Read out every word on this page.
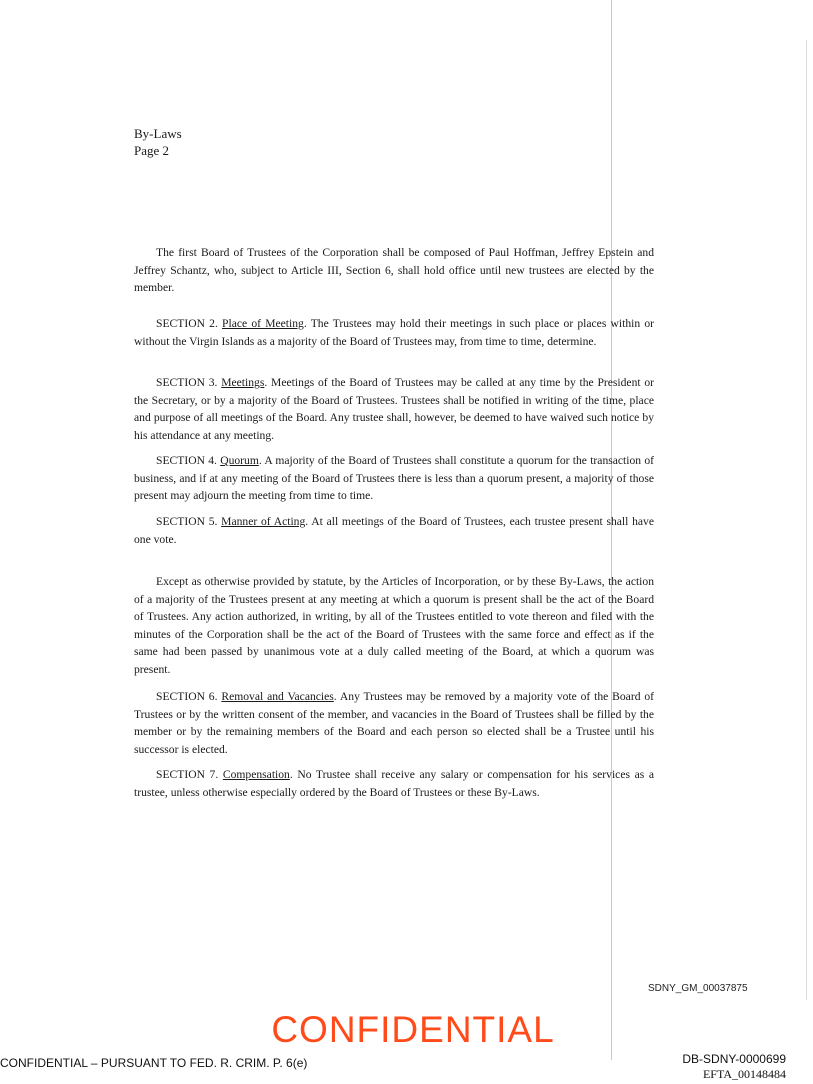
By-Laws
Page 2

The first Board of Trustees of the Corporation shall be composed of Paul Hoffman, Jeffrey Epstein and Jeffrey Schantz, who, subject to Article III, Section 6, shall hold office until new trustees are elected by the member.

SECTION 2. Place of Meeting. The Trustees may hold their meetings in such place or places within or without the Virgin Islands as a majority of the Board of Trustees may, from time to time, determine.

SECTION 3. Meetings. Meetings of the Board of Trustees may be called at any time by the President or the Secretary, or by a majority of the Board of Trustees. Trustees shall be notified in writing of the time, place and purpose of all meetings of the Board. Any trustee shall, however, be deemed to have waived such notice by his attendance at any meeting.

SECTION 4. Quorum. A majority of the Board of Trustees shall constitute a quorum for the transaction of business, and if at any meeting of the Board of Trustees there is less than a quorum present, a majority of those present may adjourn the meeting from time to time.

SECTION 5. Manner of Acting. At all meetings of the Board of Trustees, each trustee present shall have one vote.

Except as otherwise provided by statute, by the Articles of Incorporation, or by these By-Laws, the action of a majority of the Trustees present at any meeting at which a quorum is present shall be the act of the Board of Trustees. Any action authorized, in writing, by all of the Trustees entitled to vote thereon and filed with the minutes of the Corporation shall be the act of the Board of Trustees with the same force and effect as if the same had been passed by unanimous vote at a duly called meeting of the Board, at which a quorum was present.

SECTION 6. Removal and Vacancies. Any Trustees may be removed by a majority vote of the Board of Trustees or by the written consent of the member, and vacancies in the Board of Trustees shall be filled by the member or by the remaining members of the Board and each person so elected shall be a Trustee until his successor is elected.

SECTION 7. Compensation. No Trustee shall receive any salary or compensation for his services as a trustee, unless otherwise especially ordered by the Board of Trustees or these By-Laws.

SDNY_GM_00037875
CONFIDENTIAL
CONFIDENTIAL – PURSUANT TO FED. R. CRIM. P. 6(e)	DB-SDNY-0000699
EFTA_00148484
